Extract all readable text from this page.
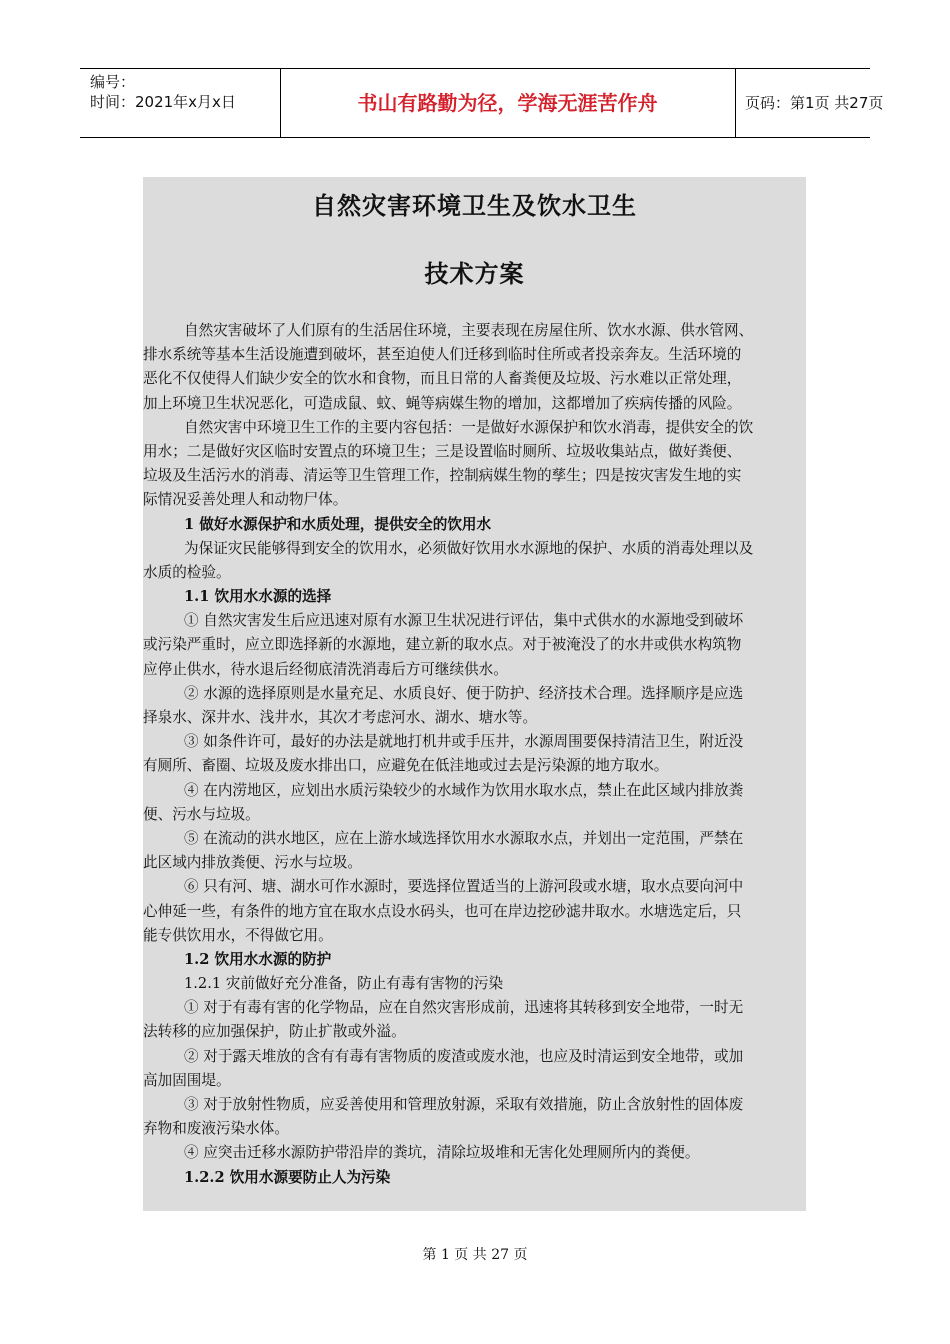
编号：
时间：2021年x月x日	书山有路勤为径，学海无涯苦作舟	页码：第1页 共27页
自然灾害环境卫生及饮水卫生
技术方案
自然灾害破坏了人们原有的生活居住环境，主要表现在房屋住所、饮水水源、供水管网、
排水系统等基本生活设施遭到破坏，甚至迫使人们迁移到临时住所或者投亲奔友。生活环境的
恶化不仅使得人们缺少安全的饮水和食物，而且日常的人畜粪便及垃圾、污水难以正常处理，
加上环境卫生状况恶化，可造成鼠、蚊、蝇等病媒生物的增加，这都增加了疾病传播的风险。
自然灾害中环境卫生工作的主要内容包括：一是做好水源保护和饮水消毒，提供安全的饮
用水；二是做好灾区临时安置点的环境卫生；三是设置临时厕所、垃圾收集站点，做好粪便、
垃圾及生活污水的消毒、清运等卫生管理工作，控制病媒生物的孳生；四是按灾害发生地的实
际情况妥善处理人和动物尸体。
1 做好水源保护和水质处理，提供安全的饮用水
为保证灾民能够得到安全的饮用水，必须做好饮用水水源地的保护、水质的消毒处理以及
水质的检验。
1.1 饮用水水源的选择
① 自然灾害发生后应迅速对原有水源卫生状况进行评估，集中式供水的水源地受到破坏
或污染严重时，应立即选择新的水源地，建立新的取水点。对于被淹没了的水井或供水构筑物
应停止供水，待水退后经彻底清洗消毒后方可继续供水。
② 水源的选择原则是水量充足、水质良好、便于防护、经济技术合理。选择顺序是应选
择泉水、深井水、浅井水，其次才考虑河水、湖水、塘水等。
③ 如条件许可，最好的办法是就地打机井或手压井，水源周围要保持清洁卫生，附近没
有厕所、畜圈、垃圾及废水排出口，应避免在低洼地或过去是污染源的地方取水。
④ 在内涝地区，应划出水质污染较少的水域作为饮用水取水点，禁止在此区域内排放粪
便、污水与垃圾。
⑤ 在流动的洪水地区，应在上游水域选择饮用水水源取水点，并划出一定范围，严禁在
此区域内排放粪便、污水与垃圾。
⑥ 只有河、塘、湖水可作水源时，要选择位置适当的上游河段或水塘，取水点要向河中
心伸延一些，有条件的地方宜在取水点设水码头，也可在岸边挖砂滤井取水。水塘选定后，只
能专供饮用水，不得做它用。
1.2 饮用水水源的防护
1.2.1 灾前做好充分准备，防止有毒有害物的污染
① 对于有毒有害的化学物品，应在自然灾害形成前，迅速将其转移到安全地带，一时无
法转移的应加强保护，防止扩散或外溢。
② 对于露天堆放的含有有毒有害物质的废渣或废水池，也应及时清运到安全地带，或加
高加固围堤。
③ 对于放射性物质，应妥善使用和管理放射源，采取有效措施，防止含放射性的固体废
弃物和废液污染水体。
④ 应突击迁移水源防护带沿岸的粪坑，清除垃圾堆和无害化处理厕所内的粪便。
1.2.2 饮用水源要防止人为污染
第 1 页 共 27 页
